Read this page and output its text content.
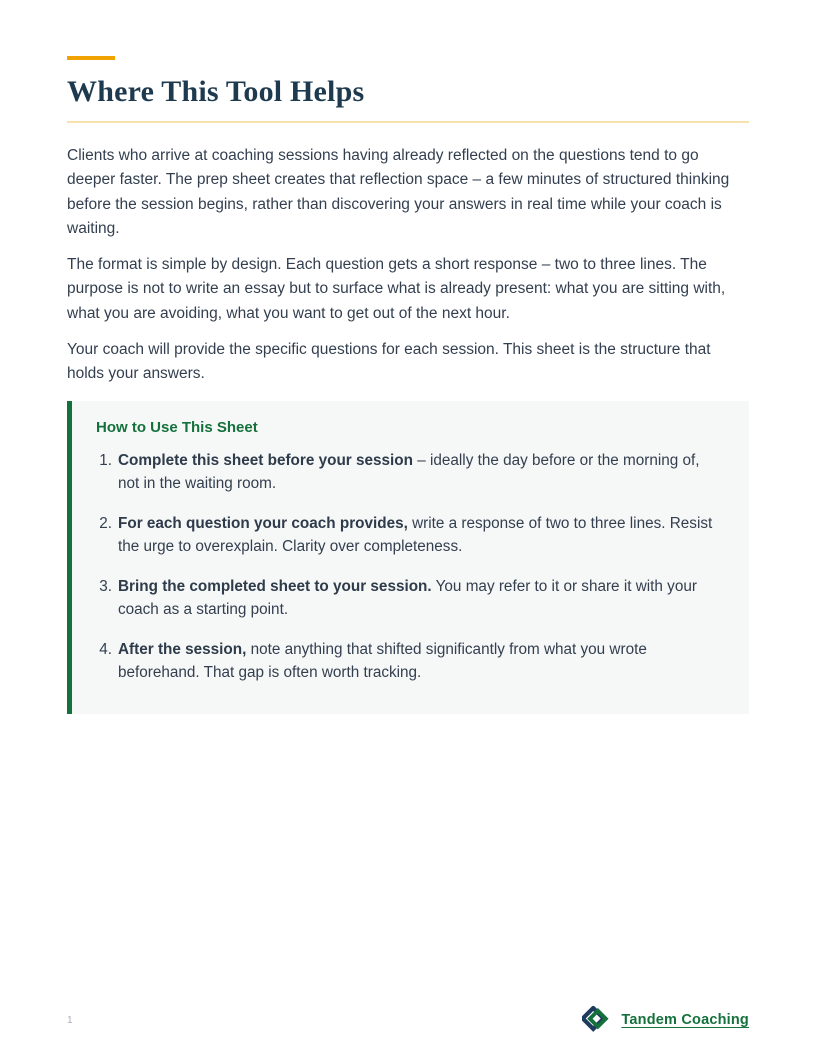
Where This Tool Helps

Clients who arrive at coaching sessions having already reflected on the questions tend to go deeper faster. The prep sheet creates that reflection space – a few minutes of structured thinking before the session begins, rather than discovering your answers in real time while your coach is waiting.

The format is simple by design. Each question gets a short response – two to three lines. The purpose is not to write an essay but to surface what is already present: what you are sitting with, what you are avoiding, what you want to get out of the next hour.

Your coach will provide the specific questions for each session. This sheet is the structure that holds your answers.

How to Use This Sheet
1. Complete this sheet before your session – ideally the day before or the morning of, not in the waiting room.
2. For each question your coach provides, write a response of two to three lines. Resist the urge to overexplain. Clarity over completeness.
3. Bring the completed sheet to your session. You may refer to it or share it with your coach as a starting point.
4. After the session, note anything that shifted significantly from what you wrote beforehand. That gap is often worth tracking.
1	Tandem Coaching
